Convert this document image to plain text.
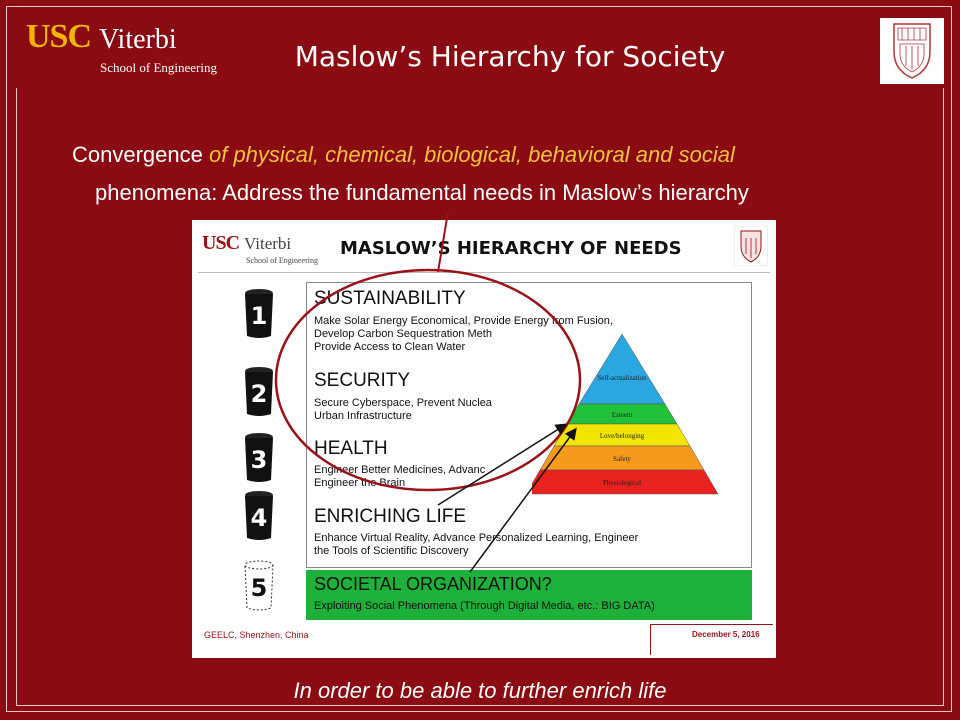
USC Viterbi
School of Engineering	Maslow’s Hierarchy for Society
Convergence of physical, chemical, biological, behavioral and social
phenomena: Address the fundamental needs in Maslow’s hierarchy
USC Viterbi
School of Engineering
MASLOW’S HIERARCHY OF NEEDS
SUSTAINABILITY
Make Solar Energy Economical, Provide Energy from Fusion,
Develop Carbon Sequestration Meth
Provide Access to Clean Water
SECURITY
Secure Cyberspace, Prevent Nuclea
Urban Infrastructure
HEALTH
Engineer Better Medicines, Advanc
Engineer the Brain
ENRICHING LIFE
Enhance Virtual Reality, Advance Personalized Learning, Engineer
the Tools of Scientific Discovery
SOCIETAL ORGANIZATION?
Exploiting Social Phenomena (Through Digital Media, etc.: BIG DATA)
1
2
3
4
5
Self-actualization
Esteem
Love/belonging
Safety
Physiological
GEELC, Shenzhen, China	December 5, 2016
In order to be able to further enrich life
